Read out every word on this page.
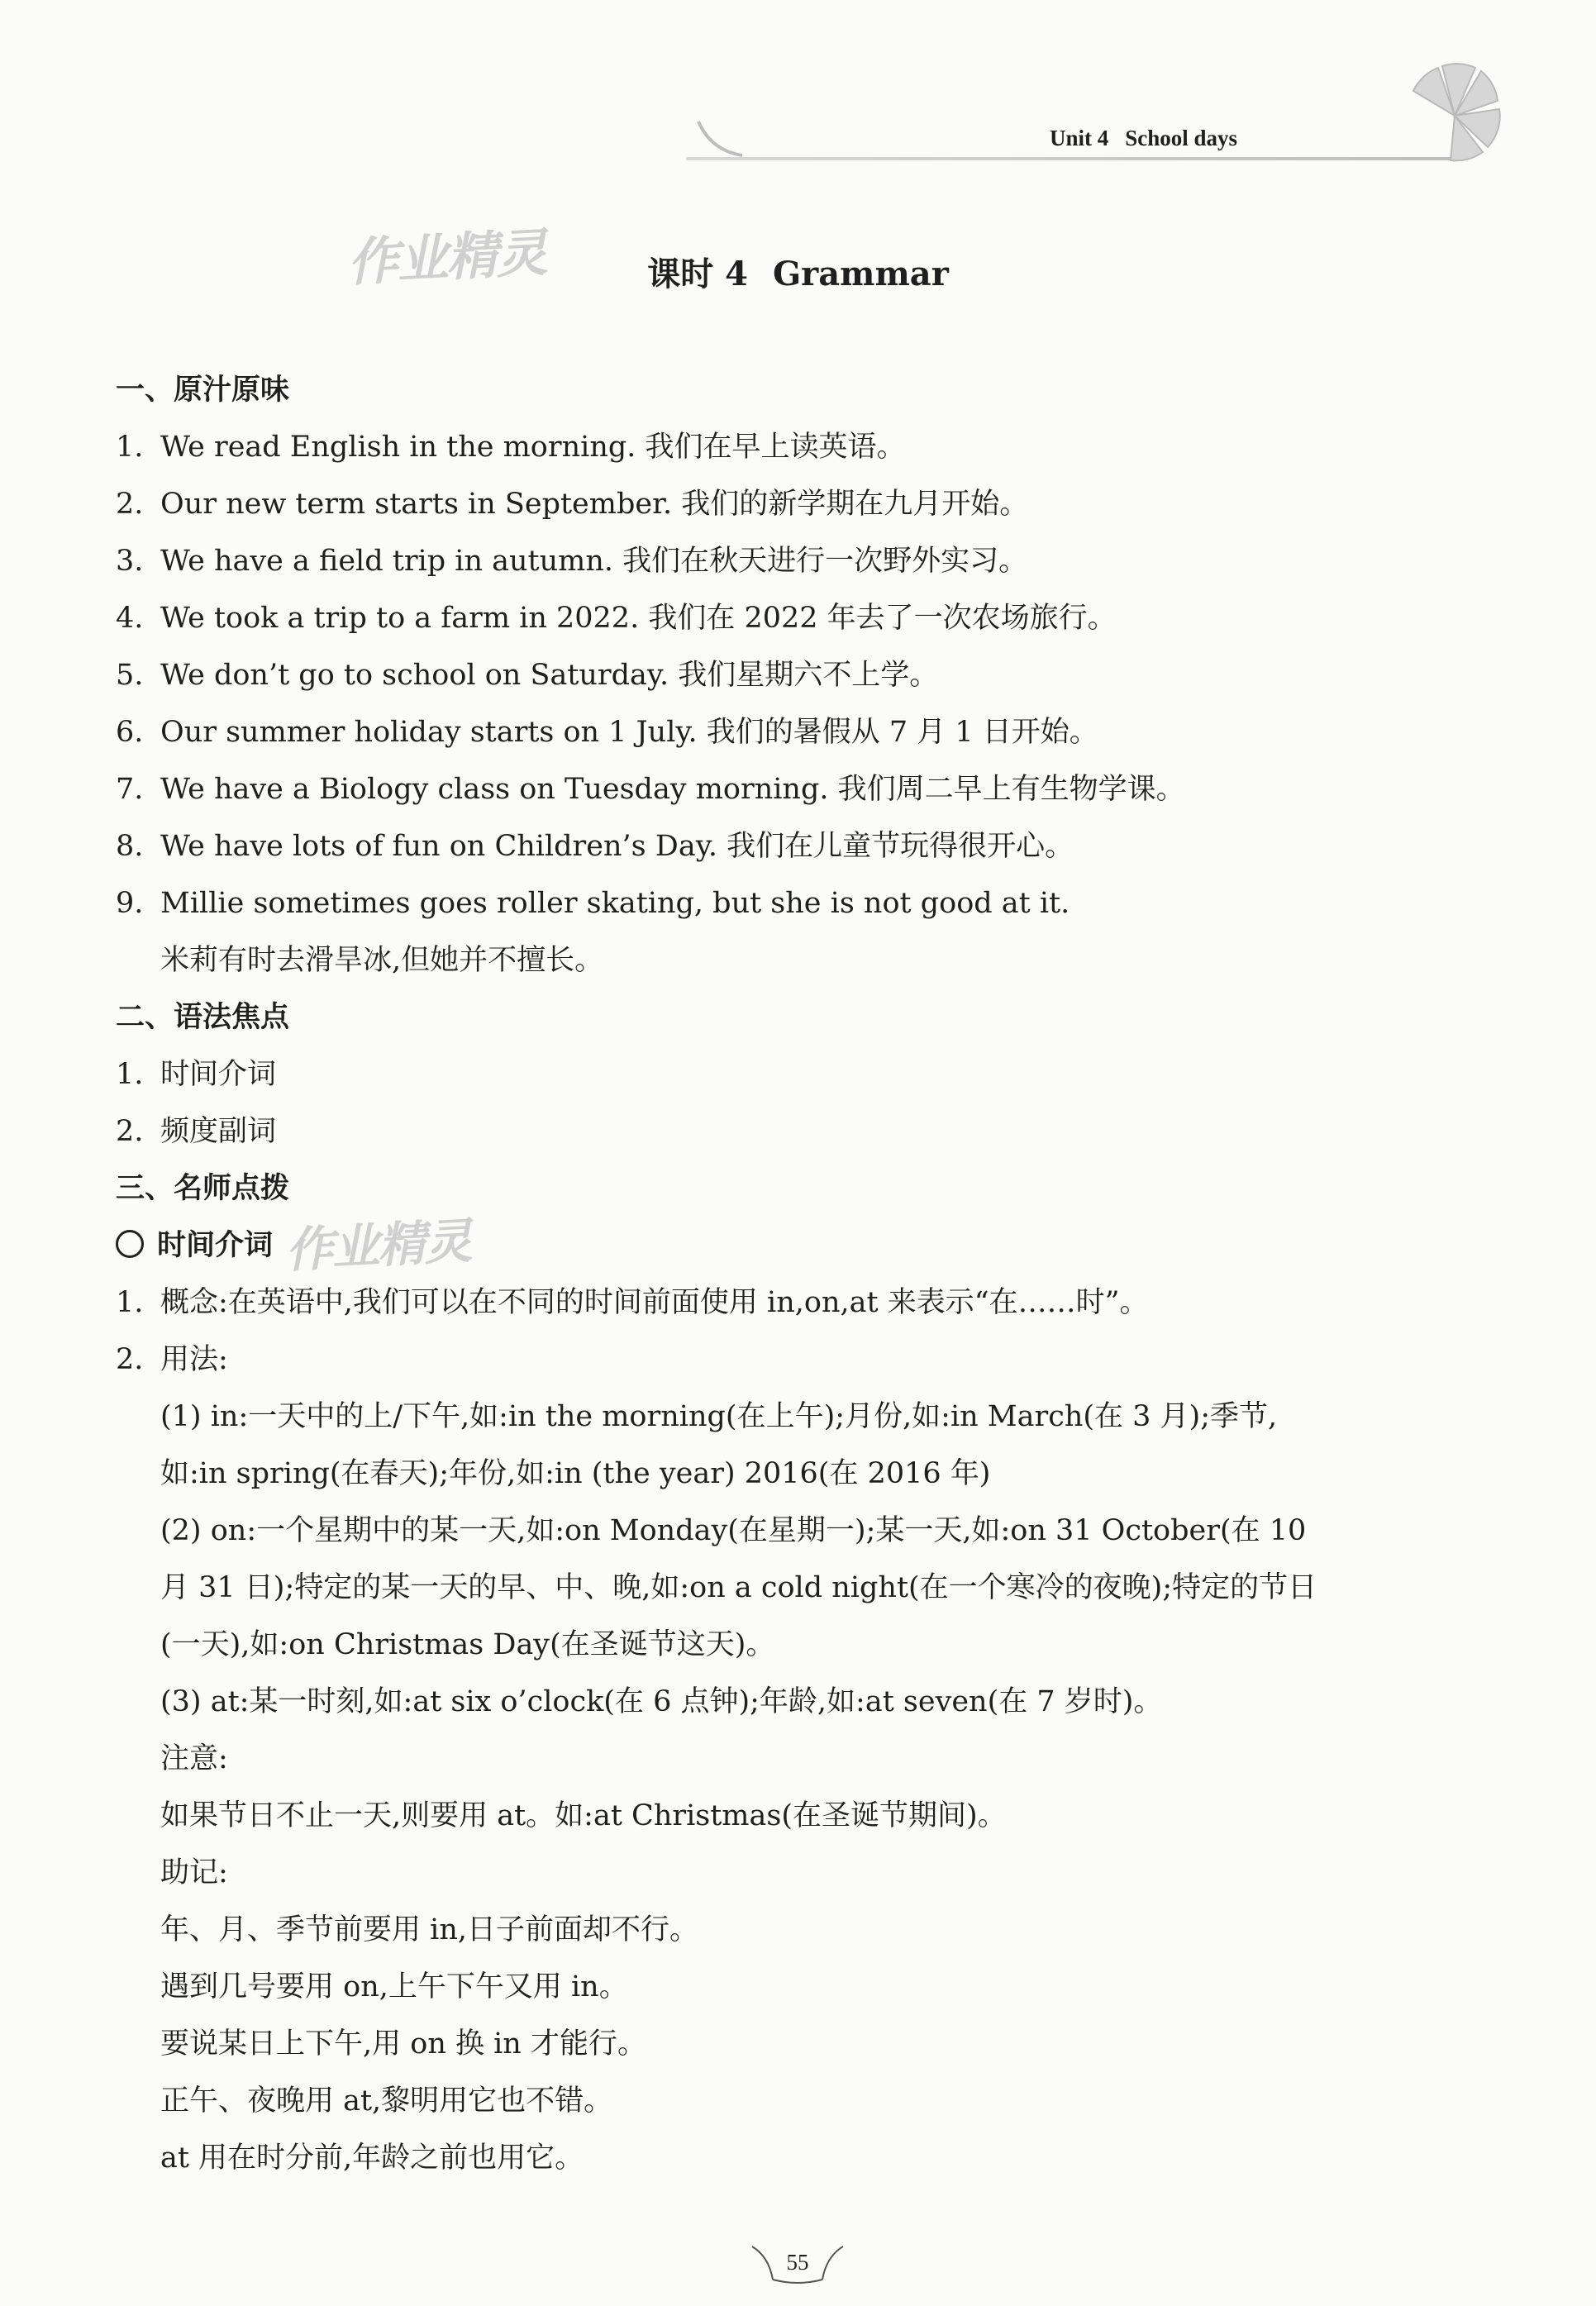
Unit 4 School days
作业精灵
作业精灵
课时 4 Grammar
一、原汁原味
1. We read English in the morning. 我们在早上读英语。
2. Our new term starts in September. 我们的新学期在九月开始。
3. We have a field trip in autumn. 我们在秋天进行一次野外实习。
4. We took a trip to a farm in 2022. 我们在 2022 年去了一次农场旅行。
5. We don’t go to school on Saturday. 我们星期六不上学。
6. Our summer holiday starts on 1 July. 我们的暑假从 7 月 1 日开始。
7. We have a Biology class on Tuesday morning. 我们周二早上有生物学课。
8. We have lots of fun on Children’s Day. 我们在儿童节玩得很开心。
9. Millie sometimes goes roller skating, but she is not good at it.
米莉有时去滑旱冰,但她并不擅长。
二、语法焦点
1. 时间介词
2. 频度副词
三、名师点拨
时间介词
1. 概念:在英语中,我们可以在不同的时间前面使用 in,on,at 来表示“在……时”。
2. 用法:
(1) in:一天中的上/下午,如:in the morning(在上午);月份,如:in March(在 3 月);季节,
如:in spring(在春天);年份,如:in (the year) 2016(在 2016 年)
(2) on:一个星期中的某一天,如:on Monday(在星期一);某一天,如:on 31 October(在 10
月 31 日);特定的某一天的早、中、晚,如:on a cold night(在一个寒冷的夜晚);特定的节日
(一天),如:on Christmas Day(在圣诞节这天)。
(3) at:某一时刻,如:at six o’clock(在 6 点钟);年龄,如:at seven(在 7 岁时)。
注意:
如果节日不止一天,则要用 at。如:at Christmas(在圣诞节期间)。
助记:
年、月、季节前要用 in,日子前面却不行。
遇到几号要用 on,上午下午又用 in。
要说某日上下午,用 on 换 in 才能行。
正午、夜晚用 at,黎明用它也不错。
at 用在时分前,年龄之前也用它。
55
